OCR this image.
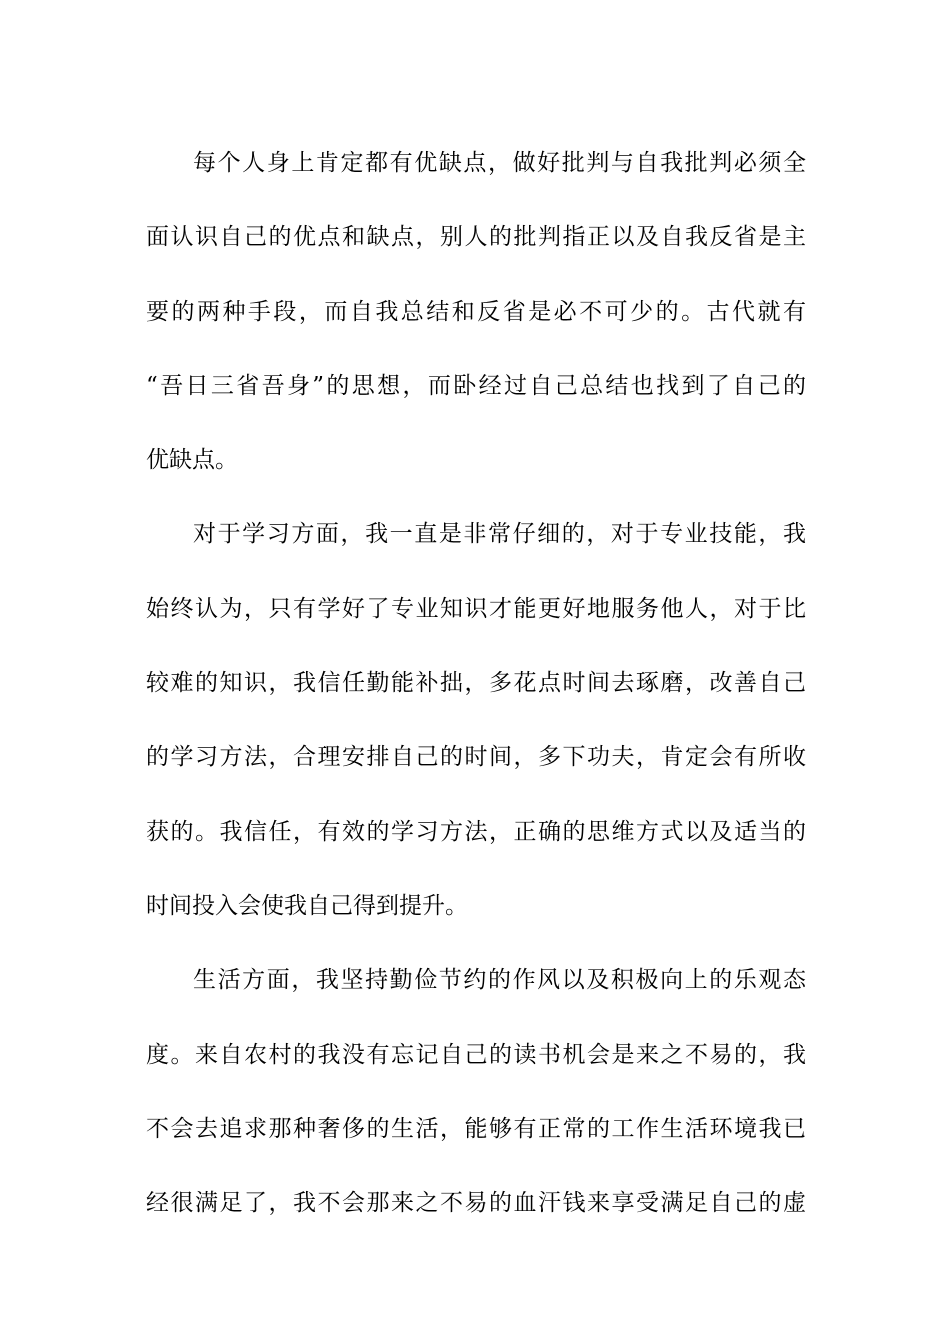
每个人身上肯定都有优缺点，做好批判与自我批判必须全
面认识自己的优点和缺点，别人的批判指正以及自我反省是主
要的两种手段，而自我总结和反省是必不可少的。古代就有
“吾日三省吾身”的思想，而卧经过自己总结也找到了自己的
优缺点。
对于学习方面，我一直是非常仔细的，对于专业技能，我
始终认为，只有学好了专业知识才能更好地服务他人，对于比
较难的知识，我信任勤能补拙，多花点时间去琢磨，改善自己
的学习方法，合理安排自己的时间，多下功夫，肯定会有所收
获的。我信任，有效的学习方法，正确的思维方式以及适当的
时间投入会使我自己得到提升。
生活方面，我坚持勤俭节约的作风以及积极向上的乐观态
度。来自农村的我没有忘记自己的读书机会是来之不易的，我
不会去追求那种奢侈的生活，能够有正常的工作生活环境我已
经很满足了，我不会那来之不易的血汗钱来享受满足自己的虚
